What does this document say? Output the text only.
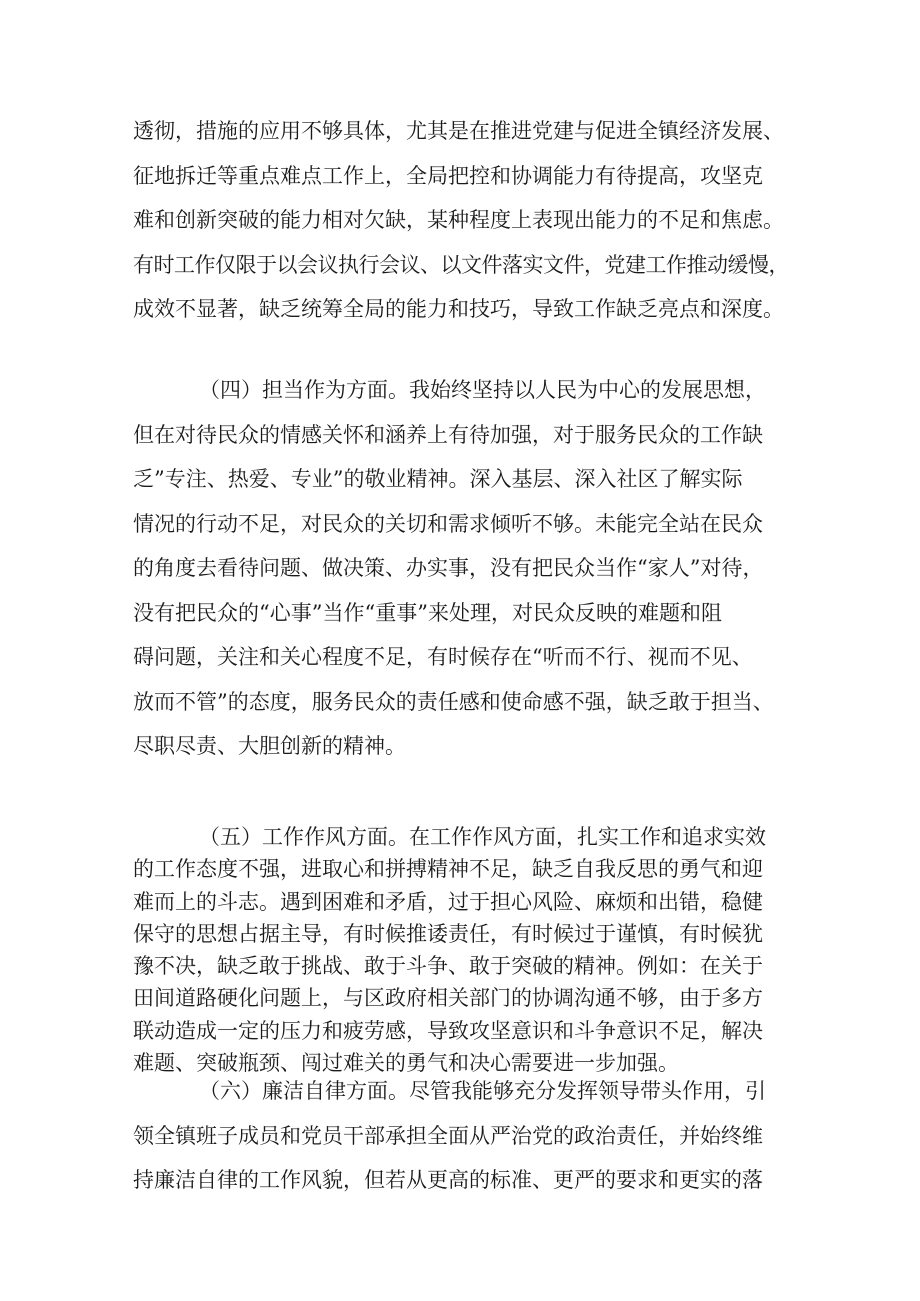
透彻，措施的应用不够具体，尤其是在推进党建与促进全镇经济发展、
征地拆迁等重点难点工作上，全局把控和协调能力有待提高，攻坚克
难和创新突破的能力相对欠缺，某种程度上表现出能力的不足和焦虑。
有时工作仅限于以会议执行会议、以文件落实文件，党建工作推动缓慢，
成效不显著，缺乏统筹全局的能力和技巧，导致工作缺乏亮点和深度。
（四）担当作为方面。我始终坚持以人民为中心的发展思想，
但在对待民众的情感关怀和涵养上有待加强，对于服务民众的工作缺
乏”专注、热爱、专业”的敬业精神。深入基层、深入社区了解实际
情况的行动不足，对民众的关切和需求倾听不够。未能完全站在民众
的角度去看待问题、做决策、办实事，没有把民众当作“家人”对待，
没有把民众的“心事”当作“重事”来处理，对民众反映的难题和阻
碍问题，关注和关心程度不足，有时候存在“听而不行、视而不见、
放而不管”的态度，服务民众的责任感和使命感不强，缺乏敢于担当、
尽职尽责、大胆创新的精神。
（五）工作作风方面。在工作作风方面，扎实工作和追求实效
的工作态度不强，进取心和拼搏精神不足，缺乏自我反思的勇气和迎
难而上的斗志。遇到困难和矛盾，过于担心风险、麻烦和出错，稳健
保守的思想占据主导，有时候推诿责任，有时候过于谨慎，有时候犹
豫不决，缺乏敢于挑战、敢于斗争、敢于突破的精神。例如：在关于
田间道路硬化问题上，与区政府相关部门的协调沟通不够，由于多方
联动造成一定的压力和疲劳感，导致攻坚意识和斗争意识不足，解决
难题、突破瓶颈、闯过难关的勇气和决心需要进一步加强。
（六）廉洁自律方面。尽管我能够充分发挥领导带头作用，引
领全镇班子成员和党员干部承担全面从严治党的政治责任，并始终维
持廉洁自律的工作风貌，但若从更高的标准、更严的要求和更实的落
